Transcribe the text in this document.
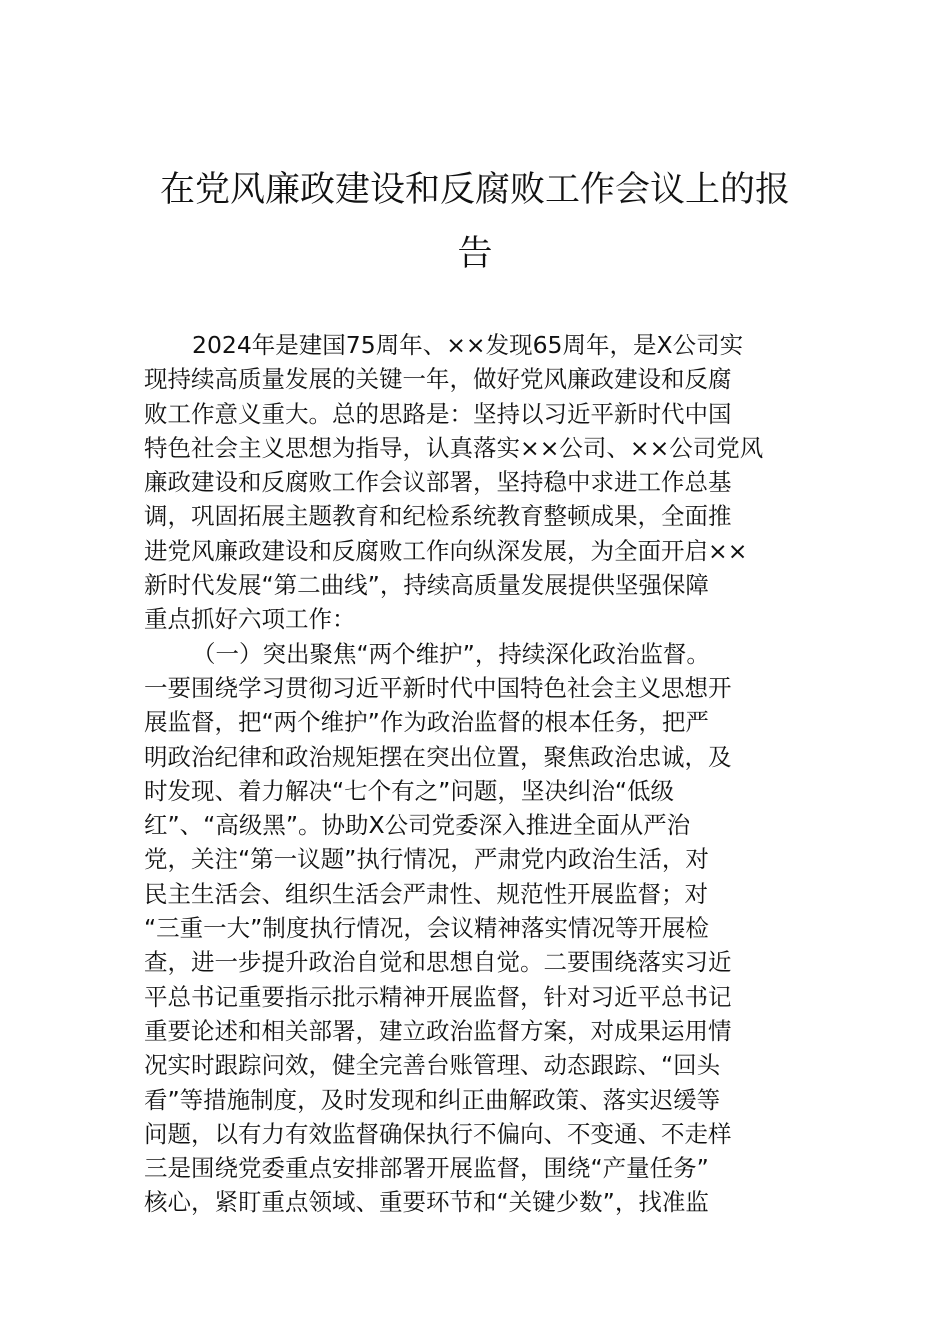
在党风廉政建设和反腐败工作会议上的报
告
2024年是建国75周年、××发现65周年，是X公司实
现持续高质量发展的关键一年，做好党风廉政建设和反腐
败工作意义重大。总的思路是：坚持以习近平新时代中国
特色社会主义思想为指导，认真落实××公司、××公司党风
廉政建设和反腐败工作会议部署，坚持稳中求进工作总基
调，巩固拓展主题教育和纪检系统教育整顿成果，全面推
进党风廉政建设和反腐败工作向纵深发展，为全面开启××
新时代发展“第二曲线”，持续高质量发展提供坚强保障
重点抓好六项工作：
（一）突出聚焦“两个维护”，持续深化政治监督。
一要围绕学习贯彻习近平新时代中国特色社会主义思想开
展监督，把“两个维护”作为政治监督的根本任务，把严
明政治纪律和政治规矩摆在突出位置，聚焦政治忠诚，及
时发现、着力解决“七个有之”问题，坚决纠治“低级
红”、“高级黑”。协助X公司党委深入推进全面从严治
党，关注“第一议题”执行情况，严肃党内政治生活，对
民主生活会、组织生活会严肃性、规范性开展监督；对
“三重一大”制度执行情况，会议精神落实情况等开展检
查，进一步提升政治自觉和思想自觉。二要围绕落实习近
平总书记重要指示批示精神开展监督，针对习近平总书记
重要论述和相关部署，建立政治监督方案，对成果运用情
况实时跟踪问效，健全完善台账管理、动态跟踪、“回头
看”等措施制度，及时发现和纠正曲解政策、落实迟缓等
问题，以有力有效监督确保执行不偏向、不变通、不走样
三是围绕党委重点安排部署开展监督，围绕“产量任务”
核心，紧盯重点领域、重要环节和“关键少数”，找准监
